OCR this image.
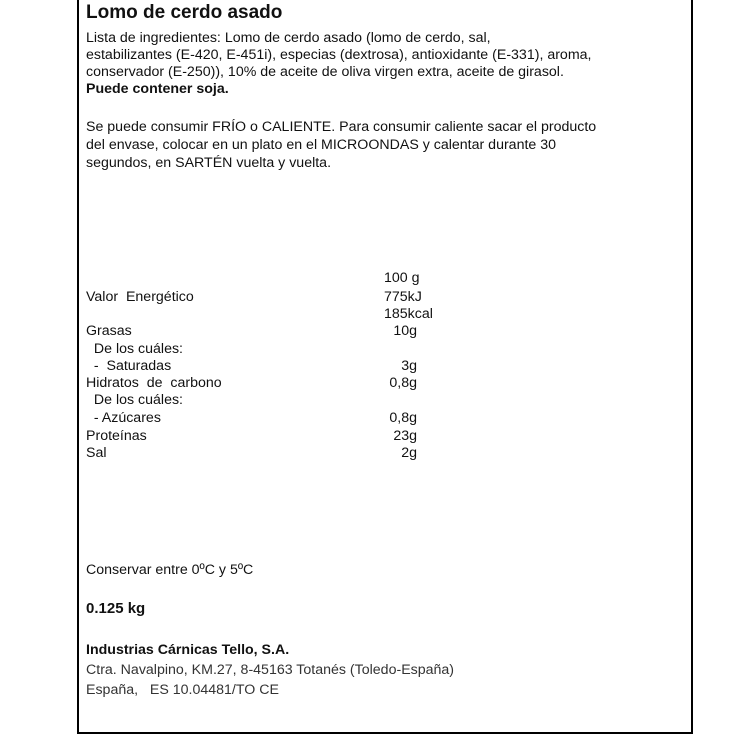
Lomo de cerdo asado
Lista de ingredientes: Lomo de cerdo asado (lomo de cerdo, sal,
estabilizantes (E-420, E-451i), especias (dextrosa), antioxidante (E-331), aroma,
conservador (E-250)), 10% de aceite de oliva virgen extra, aceite de girasol.
Puede contener soja.
Se puede consumir FRÍO o CALIENTE. Para consumir caliente sacar el producto
del envase, colocar en un plato en el MICROONDAS y calentar durante 30
segundos, en SARTÉN vuelta y vuelta.
100 g
Valor  Energético	775kJ
185kcal
Grasas	10g
De los cuáles:
-  Saturadas	3g
Hidratos  de  carbono	0,8g
De los cuáles:
- Azúcares	0,8g
Proteínas	23g
Sal	2g
Conservar entre 0ºC y 5ºC
0.125 kg
Industrias Cárnicas Tello, S.A.
Ctra. Navalpino, KM.27, 8-45163 Totanés (Toledo-España)
España,   ES 10.04481/TO CE
